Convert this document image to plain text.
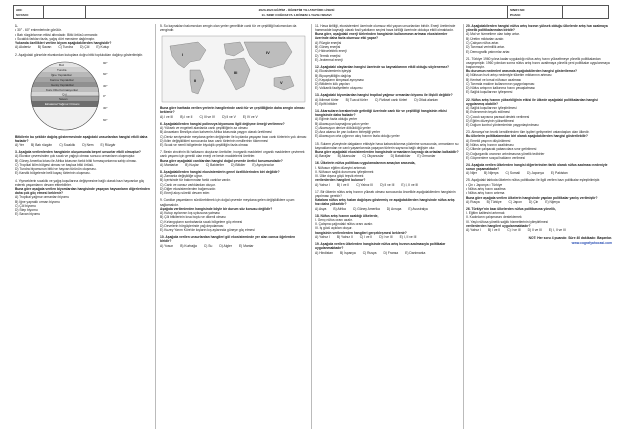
ADI:
SOYADI:
2023-2024 EĞİTİM - ÖĞRETİM YILI ATATÜRK LİSESİ
11. SINIF COĞRAFYA 1.DÖNEM 1.YAZILI SINAVI
SINIFI NO:
PUANI:

1.

• 30° - 60° enlemlerinde görülür.

• Batı rüzgârlarının etkisi altındadır. Bitki örtüsü ormandır.

• Sıcaklık farkları fazla, yağış dört mevsime dağılmıştır.

Yukarıda özellikleri verilen biyom aşağıdakilerden hangisidir?

A) Akdeniz B) Savan C) Tundra D) Çöl E) Kutup

2. Aşağıdaki görselde ekvatordan kutuplara doğru bitki toplulukları dağılışı gösterilmiştir.

Buz
Tundra
İğne Yapraklılar
Karma Yapraklılar
Geniş Yapraklılar
Kuru Otlu Formasyonlar
Çöl
Savan
Ekvatoral Yağmur Ormanı
90°
60°
30°
0°
30°
60°

Bitkilerin bu şekilde dağılış göstermesinde aşağıdaki unsurlardan hangisi etkili daha fazladır?

A) Yer B) Batı rüzgârı C) Sıcaklık D) Nem E) Rüzgâr

3. Aşağıda verilenlerden hangisinin oluşumunda beşeri unsurlar etkili olmuştur?

A) Ekvator çevresinden çok sıcak ve yağışlı olması sonucu ormanların oluşmuştur.

B) Güney Amerika kıtası ile Afrika kıtasının farklı bitki formasyonlarına sahip olması.

C) Tropikal iklim bölgesi olması ve başlıca bitki örtüsü.

D) Tundra biyomunun bitki ve hayvan türünün oluşması.

E) Karstik bölgelerde belli kayaç türlerinin oluşması.

4. Yiyeceklerin sıcaklık ve yağış koşullarına değişmesine bağlı olarak bazı hayvanlar göç ederek yaşamlarını devam ettirebilirler.

Buna göre aşağıda verilen biyomlardan hangisinde yaşayan hayvanların diğerlerinden daha çok göç etmesi beklenir?

A) Tropikal yağmur ormanları biyomu

B) İğne yapraklı orman biyomu

C) Çöl biyomu

D) Step biyomu

E) Savan biyomu

5. Su kaynakları bakımından zengin olan yerler genellikle canlı tür ve çeşitliliği bakımından da zengindir.

I
II
III
IV
V

Buna göre haritada verilen yerlerin hangilerinde canlı tür ve çeşitliliğinin daha zengin olması beklenir?

A) I ve III B) I ve II C) III ve IV D) II ve V E) IV ve V

6. Aşağıdakilerden hangisi polinezya biyomuna ilgili değişme örneği verilemez?

A) Yüksek ve engebeli alanlarda canlı çeşitliliğinin az olması

B) Anavatanı Brezilya olan kahvenin Afrika kıtasında yaygın olarak üretilmesi

C) Deniz seviyesinde meydana gelen değişimler ile kıyılarda yaşayan bazı canlı türlerinin yok olması

D) İklim değişiklikleri sonucunda bazı canlı türlerinin nesillerinin tükenmesi

E) Sıcak ve nemli bölgelerde biyolojik çeşitliliğin fazla olması

7. Besin zincirinin ilk halkasını oluşturan üreticiler, inorganik maddeleri organik maddelere çevirerek canlı yaşamı için gerekli olan enerji ve besin maddelerini üretirler.

Buna göre aşağıdaki canlılardan hangisi doğal çevrede üretici konumundadır?

A) Mantarlar B) Kuşlar C) Bakteriler D) Bitkiler E) Ayrıştırıcılar

8. Aşağıdakilerden hangisi ekosistemlerin genel özelliklerinden biri değildir?

A) Zamanla değişikliğe uğrar.

B) İçerisinde tür bakımından farklı canlılar vardır.

C) Canlı ve cansız varlıklardan oluşur.

D) Diğer ekosistemlerden bağımsızdır.

E) Enerji akışı sürekli devam eder.

9. Canlılar yaşamlarını sürdürebilmek için doğal çevrede meydana gelen değişikliklere uyum sağlamalıdır.

Aşağıda verilenlerden hangisinde böyle bir durum söz konusu değildir?

A) Kutup ayılarının kış uykusuna yatması

B) Çöl bitkilerinin kısa boylu ve dikenli olması

C) Kırlangıçların sonbaharda sıcak bölgelere göç etmesi

D) Develerin hörgüçlerinde yağ depolaması

E) Kuzey Yarım Küre'de kışların kış aylarında güneye göç etmesi

10. Aşağıda verilen unsurlardan hangileri göl ekosisteminde yer alan cansız öğelerden biridir?

A) Yosun B) Kurbağa C) Su D) Algler E) Mantar

11. Hava kirliliği, ekosistemleri üzerinde olumsuz etki yapan unsurlardan biridir. Enerji üretiminde hammadde kaynağı olarak fosil yakıtların seçimi hava kirliliği üzerinde oldukça etkili olmaktadır.

Buna göre, aşağıdaki enerji türlerinden hangisinin kullanımının artması ekosistemler üzerinde daha fazla olumsuz etki yapar?

A) Rüzgâr enerjisi

B) Güneş enerjisi

C) Hidroelektrik enerji

D) Termik enerjisi

E) Jeotermal enerji

12. Aşağıdaki olaylardan hangisi üzerinde su kaynaklarının etkili olduğu söylenemez?

A) Ekosistemlerin işleyişi

B) Biyoçeşitliliğin dağılışı

C) Kayaçların kimyasal ayrışması

D) Bitkilerin kök yapıları

E) Volkanik faaliyetlerin oluşumu

13. Aşağıdaki biyomlardan hangisi tropikal yağmur ormanları biyomu ile ilişkili değildir?

A) İklimsel türler B) Tuzcul türler C) Fiziksel canlı türleri D) Otlak alanları
E) Epifit bitkiler

14. Akarsuların beraberinde getirdiği üzerinde canlı tür ve çeşitliliği hangisinin etkisi hangisinde daha fazladır?

A) Eğimin fazla olduğu yerler

B) Akarsuyun kaynağına yakın yerler

C) Akarsuyun denize döküldüğü yerler

D) Ana akarsu ile yan kolların birleştiği yerler

E) Akarsuyun orta çığırının akış hızının fazla olduğu yerler

15. Sularm yüzeyinde dalgaların etkisiyle hava kabarcıklarıma yüzlerine sonucunda, ormanların su kaynaklarından ve canlı yaşamlarında yaşayan türlerin sayısına bağlı değişim olur.

Buna göre aşağıdaki ekosistemlerden hangisinde ormanların kaynağı da ortadan kalkabilir?

A) Barajlar B) Akarsular C) Okyanuslar D) Bataklıklar E) Ormanlar

16. Ülkelerin nüfus politikası uygulamalarının amaçları arasında,

I. Nüfusun eğitim düzeyini artırmak

II. Nüfusun sağlık durumunu iyileştirmek

III. Ülke dışına göçü teşvik etmek

verilenlerden hangileri bulunur?

A) Yalnız I B) I ve II C) Yalnız III D) II ve III E) I, II ve III

17. Bir ülkenin nüfus artış hızının yüksek olması sonucunda öncelikle aşağıdakilerden hangisinin yapılması gerekir?

Katalara nüfus artış hızları dağılışını göstermiş ve aşağıdakilerden hangisinde nüfus artış hızı daha yüksektir?

A) Asya B) Afrika C) Güney Amerika D) Avrupa E) Avustralya

18. Nüfus artış hızının azaldığı ülkelerde,

I. Genç nüfus oranı azalır.

II. Çalışma çağındaki nüfus oranı azalır.

III. İş gücü açıkları oluşur.

hangisinin verilenlerden hangileri gerçekleşmesi beklenir?

A) Yalnız I B) Yalnız II C) I ve II D) I ve III E) I, II ve III

19. Aşağıda verilen ülkelerden hangisinde nüfus artış hızının azalmasıyla politikalar uygulanmaktadır?

A) Hindistan B) İspanya C) Rusya D) Fransa E) Danimarka

20. Aşağıdakilerden hangisi nüfus artış hızının yüksek olduğu ülkelerde artış hızı azalmaya yönelik politikalarından biridir?

A) Mal ve hizmetlere olan talep artar.

B) Üretim miktarları azalır.

C) Çalışan nüfus artar.

D) Tarımsal verimlilik artar.

E) Demografik yatırımlar artar.

21. Türkiye 1960 yılına kadar uyguladığı nüfus artış hızını yükseltmeye yönelik politikalardan vazgeçmiştir. 1960 yılından sonra nüfus artış hızını azaltmaya yönelik yeni politikalar uygulanmaya başlanmıştır.

Bu durumun nedenleri arasında aşağıdakilerden hangisi gösterilemez?

A) Nüfusun hızlı artışı nedeniyle tüketim miktarının artması

B) Kentsel ve kırsal nüfusun azalması

C) Tarımda makine kullanımının yaygınlaşması

D) Nüfus artışının kalkınma hızını yavaşlatması

E) Sağlık koşullarının iyileşmesi

22. Nüfus artış hızının yüksekliğinin etkisi ile ülkede aşağıdaki politikalardan hangisi uygulanmış olabilir?

A) Sağlık koşullarının iyileştirilmesi

B) Evlenmenin teşvik edilmesi

C) Çocuk sayısına parasal destek verilmesi

D) Eğitim düzeyinin yükseltilmesi

E) Doğum kontrol yöntemlerinin yaygınlaştırılması

23. Almanya'nın teorik kendilerinden tüm işçileri gelişmeleri vatandaşları olan ülkedir.

Bu ülkelerin politikalarından biri olarak aşağıdakilerden hangisi gösterilebilir?

A) Emekli yaşının düşürülmesi

B) Nüfus artış hızının azaltılması

C) Ülkede çalışacak yabancılara sınır getirilmesi

D) Doğurganlık oranının artırılmasına yönelik tedbirler

E) Göçmenlere sosyal hakların verilmesi

24. Aşağıda verilen ülkelerden hangisi diğerlerinden farklı olarak nüfus azalması nedeniyle sorun yaşamaktadır?

A) Nijer B) Nijerya C) Somali D) Japonya E) Pakistan

25. Aşağıdaki tabloda ülkelerin nüfus politikaları ile ilgili verilen bazı politikalar eşleştirilmiştir.

• Çin • Japonya • Türkiye

• Nüfus artış hızını azaltma

• Nüfus artış hızını artırma

Buna göre aşağıda verilen ülkelerin hangisinde yapılan politikalar yanlış verilmiştir?

A) Rusya B) Türkiye C) Japon D) Çin E) Nijerya

26. Türkiye'nin bazı ülkelerden nüfus politikasına yönelik,

I. Eğitim kalitesini artırmak

II. Kadınların çalışmasını desteklemek

III. Yaşlı nüfusa yönelik sağlık hizmetlerinin iyileştirilmesi

verilenlerden hangileri uygulanmaktadır?

A) Yalnız I B) I ve II C) I ve III D) II ve III E) I, II ve III

NOT: Her soru 4 puandır. Süre 40 dakikadır. Başarılar.

www.cografyahocasi.com
